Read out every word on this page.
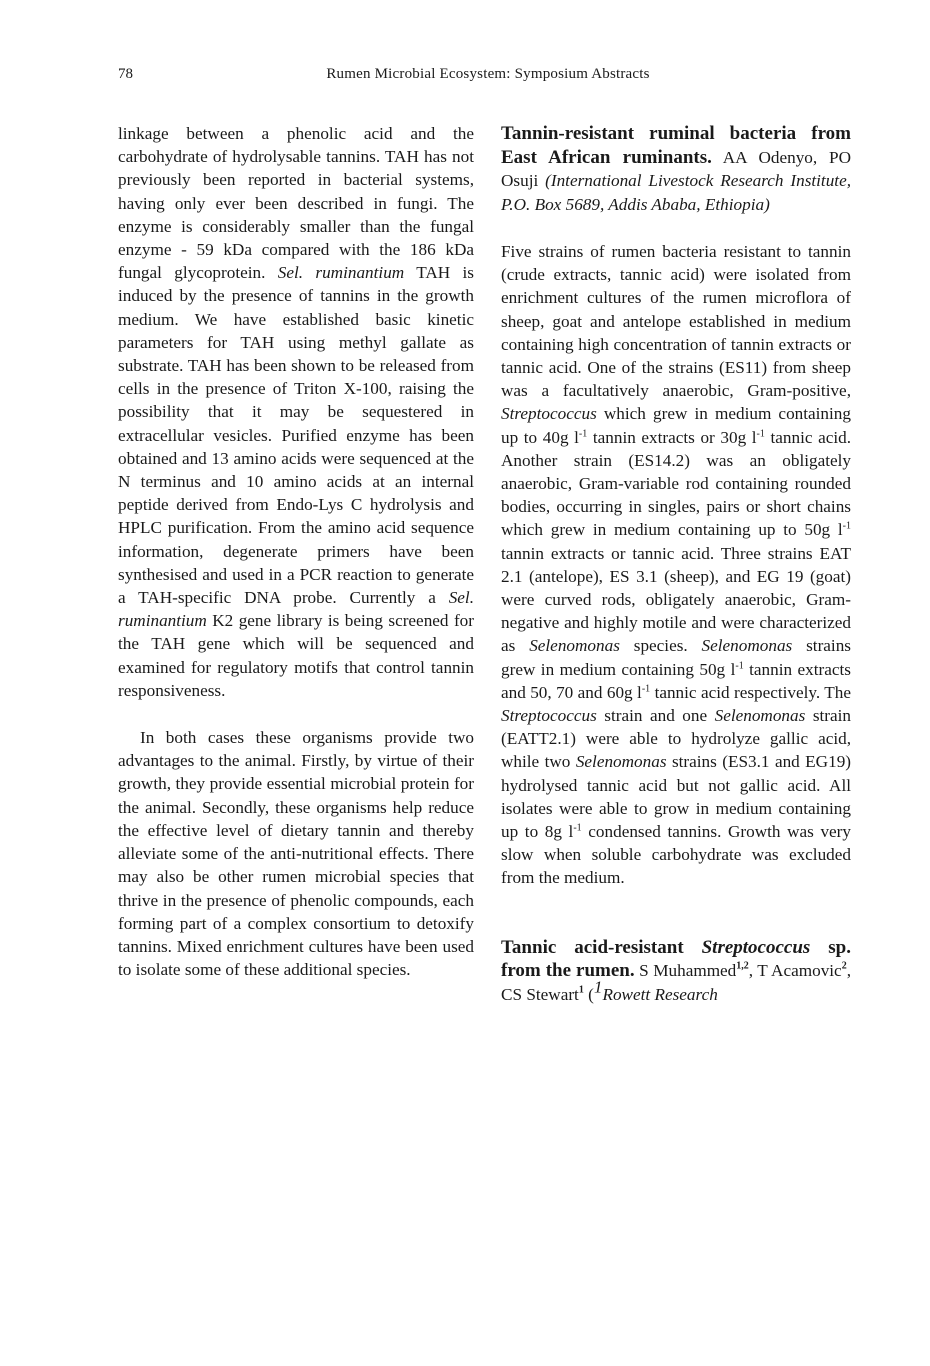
78	Rumen Microbial Ecosystem: Symposium Abstracts

linkage between a phenolic acid and the carbohydrate of hydrolysable tannins. TAH has not previously been reported in bacterial systems, having only ever been described in fungi. The enzyme is considerably smaller than the fungal enzyme - 59 kDa compared with the 186 kDa fungal glycoprotein. Sel. ruminantium TAH is induced by the presence of tannins in the growth medium. We have established basic kinetic parameters for TAH using methyl gallate as substrate. TAH has been shown to be released from cells in the presence of Triton X-100, raising the possibility that it may be sequestered in extracellular vesicles. Purified enzyme has been obtained and 13 amino acids were sequenced at the N terminus and 10 amino acids at an internal peptide derived from Endo-Lys C hydrolysis and HPLC purification. From the amino acid sequence information, degenerate primers have been synthesised and used in a PCR reaction to generate a TAH-specific DNA probe. Currently a Sel. ruminantium K2 gene library is being screened for the TAH gene which will be sequenced and examined for regulatory motifs that control tannin responsiveness.

In both cases these organisms provide two advantages to the animal. Firstly, by virtue of their growth, they provide essential microbial protein for the animal. Secondly, these organisms help reduce the effective level of dietary tannin and thereby alleviate some of the anti-nutritional effects. There may also be other rumen microbial species that thrive in the presence of phenolic compounds, each forming part of a complex consortium to detoxify tannins. Mixed enrichment cultures have been used to isolate some of these additional species.

Tannin-resistant ruminal bacteria from East African ruminants. AA Odenyo, PO Osuji (International Livestock Research Institute, P.O. Box 5689, Addis Ababa, Ethiopia)

Five strains of rumen bacteria resistant to tannin (crude extracts, tannic acid) were isolated from enrichment cultures of the rumen microflora of sheep, goat and antelope established in medium containing high concentration of tannin extracts or tannic acid. One of the strains (ES11) from sheep was a facultatively anaerobic, Gram-positive, Streptococcus which grew in medium containing up to 40g $l^{-1}$ tannin extracts or 30g $l^{-1}$ tannic acid. Another strain (ES14.2) was an obligately anaerobic, Gram-variable rod containing rounded bodies, occurring in singles, pairs or short chains which grew in medium containing up to 50g $l^{-1}$ tannin extracts or tannic acid. Three strains EAT 2.1 (antelope), ES 3.1 (sheep), and EG 19 (goat) were curved rods, obligately anaerobic, Gram-negative and highly motile and were characterized as Selenomonas species. Selenomonas strains grew in medium containing 50g $l^{-1}$ tannin extracts and 50, 70 and 60g $l^{-1}$ tannic acid respectively. The Streptococcus strain and one Selenomonas strain (EATT2.1) were able to hydrolyze gallic acid, while two Selenomonas strains (ES3.1 and EG19) hydrolysed tannic acid but not gallic acid. All isolates were able to grow in medium containing up to 8g $l^{-1}$ condensed tannins. Growth was very slow when soluble carbohydrate was excluded from the medium.

Tannic acid-resistant Streptococcus sp. from the rumen. S Muhammed$^{1,2}$, T Acamovic$^2$, CS Stewart$^1$ ($^1$Rowett Research
